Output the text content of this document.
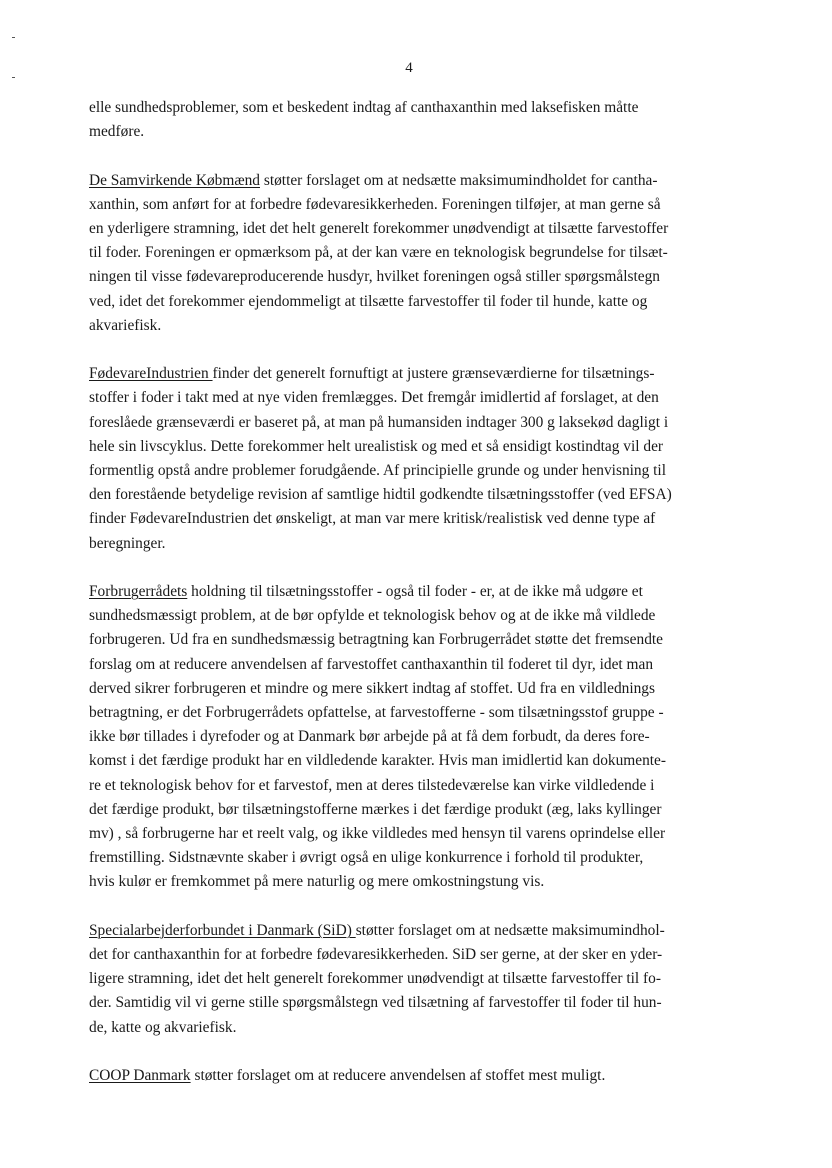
4

elle sundhedsproblemer, som et beskedent indtag af canthaxanthin med laksefisken måtte
medføre.

De Samvirkende Købmænd støtter forslaget om at nedsætte maksimumindholdet for cantha-
xanthin, som anført for at forbedre fødevaresikkerheden. Foreningen tilføjer, at man gerne så
en yderligere stramning, idet det helt generelt forekommer unødvendigt at tilsætte farvestoffer
til foder. Foreningen er opmærksom på, at der kan være en teknologisk begrundelse for tilsæt-
ningen til visse fødevareproducerende husdyr, hvilket foreningen også stiller spørgsmålstegn
ved, idet det forekommer ejendommeligt at tilsætte farvestoffer til foder til hunde, katte og
akvariefisk.

FødevareIndustrien finder det generelt fornuftigt at justere grænseværdierne for tilsætnings-
stoffer i foder i takt med at nye viden fremlægges. Det fremgår imidlertid af forslaget, at den
foreslåede grænseværdi er baseret på, at man på humansiden indtager 300 g laksekød dagligt i
hele sin livscyklus. Dette forekommer helt urealistisk og med et så ensidigt kostindtag vil der
formentlig opstå andre problemer forudgående. Af principielle grunde og under henvisning til
den forestående betydelige revision af samtlige hidtil godkendte tilsætningsstoffer (ved EFSA)
finder FødevareIndustrien det ønskeligt, at man var mere kritisk/realistisk ved denne type af
beregninger.

Forbrugerrådets holdning til tilsætningsstoffer - også til foder - er, at de ikke må udgøre et
sundhedsmæssigt problem, at de bør opfylde et teknologisk behov og at de ikke må vildlede
forbrugeren. Ud fra en sundhedsmæssig betragtning kan Forbrugerrådet støtte det fremsendte
forslag om at reducere anvendelsen af farvestoffet canthaxanthin til foderet til dyr, idet man
derved sikrer forbrugeren et mindre og mere sikkert indtag af stoffet. Ud fra en vildlednings
betragtning, er det Forbrugerrådets opfattelse, at farvestofferne - som tilsætningsstof gruppe -
ikke bør tillades i dyrefoder og at Danmark bør arbejde på at få dem forbudt, da deres fore-
komst i det færdige produkt har en vildledende karakter. Hvis man imidlertid kan dokumente-
re et teknologisk behov for et farvestof, men at deres tilstedeværelse kan virke vildledende i
det færdige produkt, bør tilsætningstofferne mærkes i det færdige produkt (æg, laks kyllinger
mv) , så forbrugerne har et reelt valg, og ikke vildledes med hensyn til varens oprindelse eller
fremstilling. Sidstnævnte skaber i øvrigt også en ulige konkurrence i forhold til produkter,
hvis kulør er fremkommet på mere naturlig og mere omkostningstung vis.

Specialarbejderforbundet i Danmark (SiD) støtter forslaget om at nedsætte maksimumindhol-
det for canthaxanthin for at forbedre fødevaresikkerheden. SiD ser gerne, at der sker en yder-
ligere stramning, idet det helt generelt forekommer unødvendigt at tilsætte farvestoffer til fo-
der. Samtidig vil vi gerne stille spørgsmålstegn ved tilsætning af farvestoffer til foder til hun-
de, katte og akvariefisk.

COOP Danmark støtter forslaget om at reducere anvendelsen af stoffet mest muligt.
